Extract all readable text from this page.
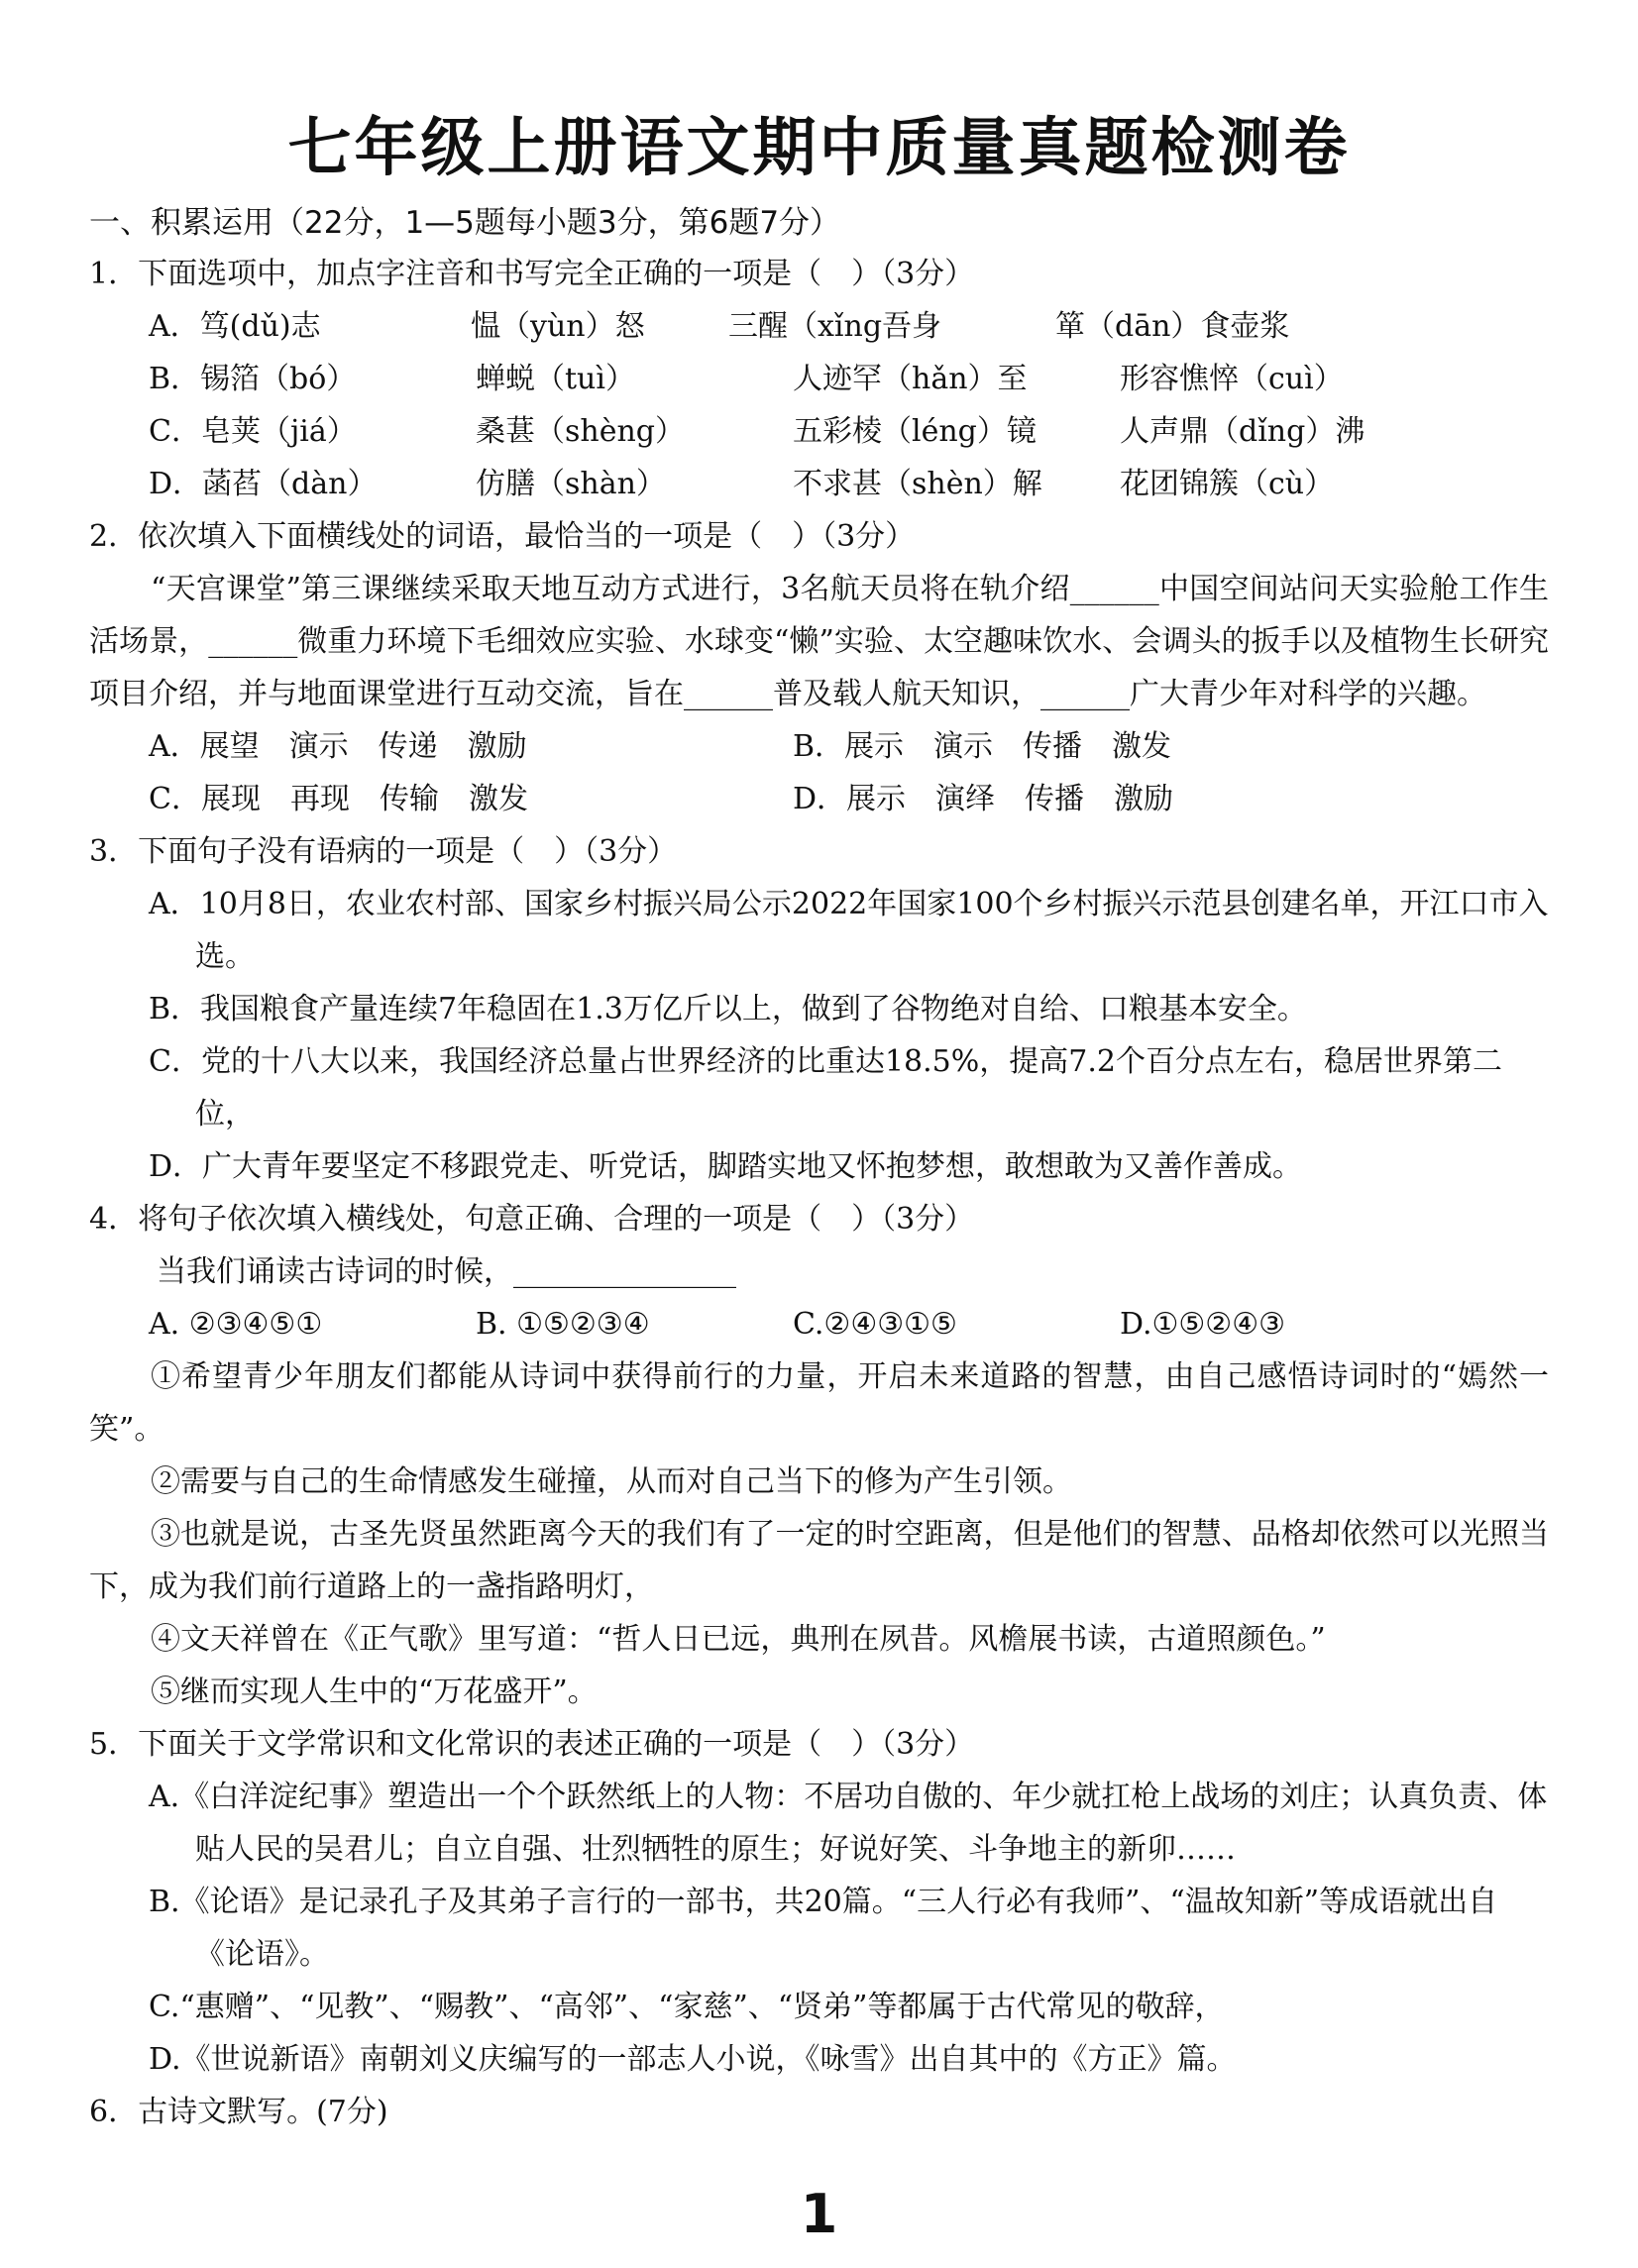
七年级上册语文期中质量真题检测卷
一、积累运用（22分，1—5题每小题3分，第6题7分）
1．下面选项中，加点字注音和书写完全正确的一项是（　）（3分）
A．笃(dǔ)志	愠（yùn）怒	三醒（xǐng吾身	箪（dān）食壶浆
B．锡箔（bó）	蝉蜕（tuì）	人迹罕（hǎn）至	形容憔悴（cuì）
C．皂荚（jiá）	桑葚（shèng）	五彩棱（léng）镜	人声鼎（dǐng）沸
D．菡萏（dàn）	仿膳（shàn）	不求甚（shèn）解	花团锦簇（cù）
2．依次填入下面横线处的词语，最恰当的一项是（　）（3分）
“天宫课堂”第三课继续采取天地互动方式进行，3名航天员将在轨介绍______中国空间站问天实验舱工作生活场景，______微重力环境下毛细效应实验、水球变“懒”实验、太空趣味饮水、会调头的扳手以及植物生长研究项目介绍，并与地面课堂进行互动交流，旨在______普及载人航天知识，______广大青少年对科学的兴趣。
A．展望　演示　传递　激励	B．展示　演示　传播　激发
C．展现　再现　传输　激发	D．展示　演绎　传播　激励
3．下面句子没有语病的一项是（　）（3分）
A．10月8日，农业农村部、国家乡村振兴局公示2022年国家100个乡村振兴示范县创建名单，开江口市入选。
B．我国粮食产量连续7年稳固在1.3万亿斤以上，做到了谷物绝对自给、口粮基本安全。
C．党的十八大以来，我国经济总量占世界经济的比重达18.5%，提高7.2个百分点左右，稳居世界第二位，
D．广大青年要坚定不移跟党走、听党话，脚踏实地又怀抱梦想，敢想敢为又善作善成。
4．将句子依次填入横线处，句意正确、合理的一项是（　）（3分）
当我们诵读古诗词的时候，_______________
A. ②③④⑤①	B. ①⑤②③④	C.②④③①⑤	D.①⑤②④③
①希望青少年朋友们都能从诗词中获得前行的力量，开启未来道路的智慧，由自己感悟诗词时的“嫣然一笑”。
②需要与自己的生命情感发生碰撞，从而对自己当下的修为产生引领。
③也就是说，古圣先贤虽然距离今天的我们有了一定的时空距离，但是他们的智慧、品格却依然可以光照当下，成为我们前行道路上的一盏指路明灯，
④文天祥曾在《正气歌》里写道：“哲人日已远，典刑在夙昔。风檐展书读，古道照颜色。”
⑤继而实现人生中的“万花盛开”。
5．下面关于文学常识和文化常识的表述正确的一项是（　）（3分）
A.《白洋淀纪事》塑造出一个个跃然纸上的人物：不居功自傲的、年少就扛枪上战场的刘庄；认真负责、体贴人民的吴君儿；自立自强、壮烈牺牲的原生；好说好笑、斗争地主的新卯……
B.《论语》是记录孔子及其弟子言行的一部书，共20篇。“三人行必有我师”、“温故知新”等成语就出自《论语》。
C.“惠赠”、“见教”、“赐教”、“高邻”、“家慈”、“贤弟”等都属于古代常见的敬辞，
D.《世说新语》南朝刘义庆编写的一部志人小说，《咏雪》出自其中的《方正》篇。
6．古诗文默写。(7分)
1
